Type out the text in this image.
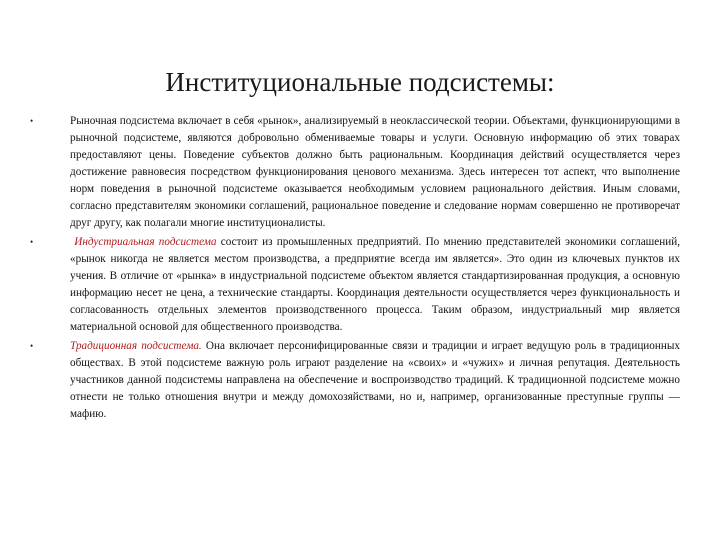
Институциональные подсистемы:
•	Рыночная подсистема включает в себя «рынок», анализируемый в неоклассической теории. Объектами, функционирующими в рыночной подсистеме, являются добровольно обмениваемые товары и услуги. Основную информацию об этих товарах предоставляют цены. Поведение субъектов должно быть рациональным. Координация действий осуществляется через достижение равновесия посредством функционирования ценового механизма. Здесь интересен тот аспект, что выполнение норм поведения в рыночной подсистеме оказывается необходимым условием рационального действия. Иным словами, согласно представителям экономики соглашений, рациональное поведение и следование нормам совершенно не противоречат друг другу, как полагали многие институционалисты.
•	Индустриальная подсистема состоит из промышленных предприятий. По мнению представителей экономики соглашений, «рынок никогда не является местом производства, а предприятие всегда им является». Это один из ключевых пунктов их учения. В отличие от «рынка» в индустриальной подсистеме объектом является стандартизированная продукция, а основную информацию несет не цена, а технические стандарты. Координация деятельности осуществляется через функциональность и согласованность отдельных элементов производственного процесса. Таким образом, индустриальный мир является материальной основой для общественного производства.
•	Традиционная подсистема. Она включает персонифицированные связи и традиции и играет ведущую роль в традиционных обществах. В этой подсистеме важную роль играют разделение на «своих» и «чужих» и личная репутация. Деятельность участников данной подсистемы направлена на обеспечение и воспроизводство традиций. К традиционной подсистеме можно отнести не только отношения внутри и между домохозяйствами, но и, например, организованные преступные группы — мафию.
